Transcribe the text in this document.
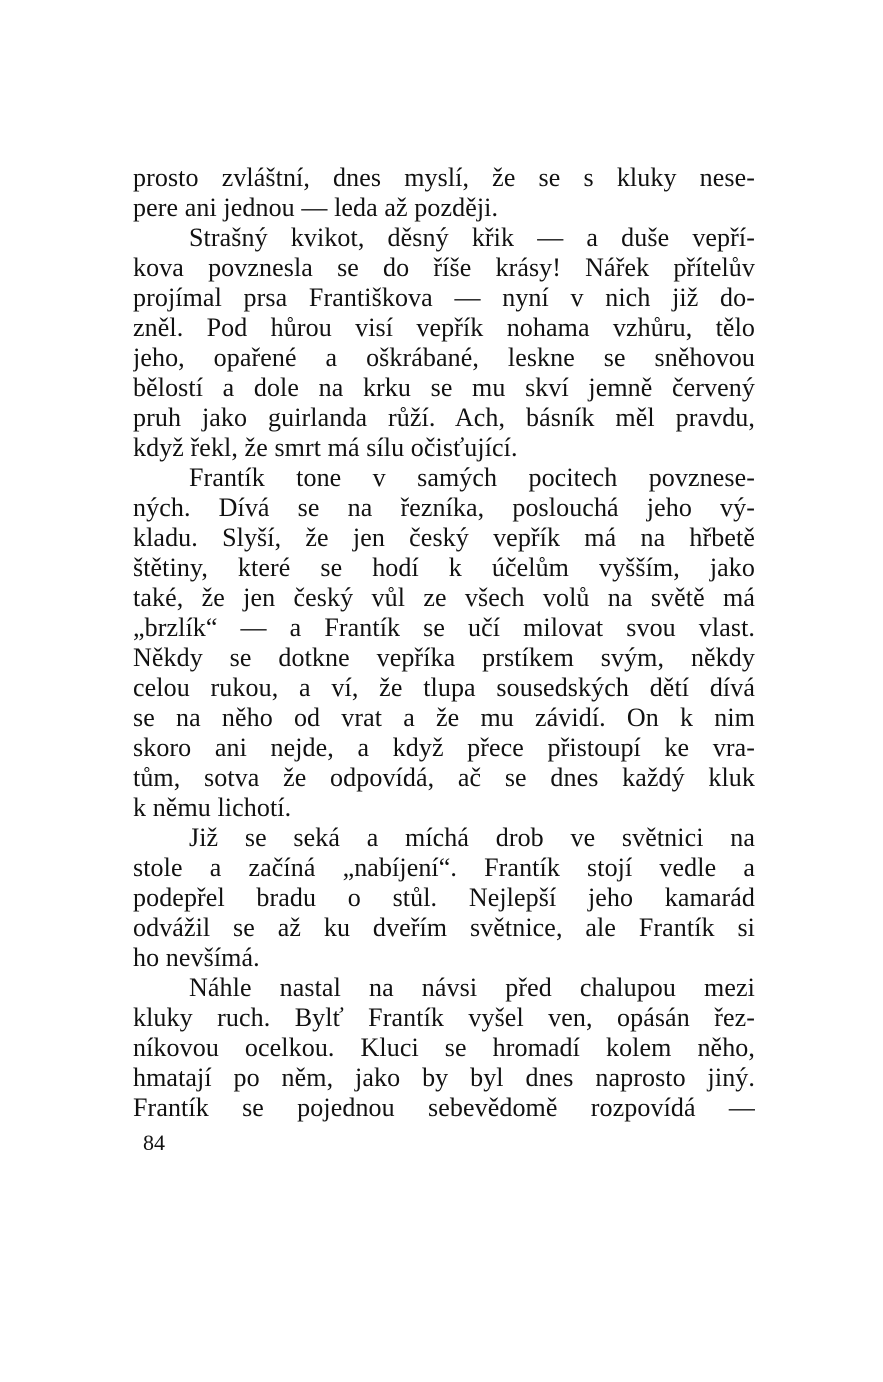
prosto zvláštní, dnes myslí, že se s kluky nese-
pere ani jednou — leda až později.
Strašný kvikot, děsný křik — a duše vepří-
kova povznesla se do říše krásy! Nářek přítelův
projímal prsa Františkova — nyní v nich již do-
zněl. Pod hůrou visí vepřík nohama vzhůru, tělo
jeho, opařené a oškrábané, leskne se sněhovou
bělostí a dole na krku se mu skví jemně červený
pruh jako guirlanda růží. Ach, básník měl pravdu,
když řekl, že smrt má sílu očisťující.
Frantík tone v samých pocitech povznese-
ných. Dívá se na řezníka, poslouchá jeho vý-
kladu. Slyší, že jen český vepřík má na hřbetě
štětiny, které se hodí k účelům vyšším, jako
také, že jen český vůl ze všech volů na světě má
„brzlík“ — a Frantík se učí milovat svou vlast.
Někdy se dotkne vepříka prstíkem svým, někdy
celou rukou, a ví, že tlupa sousedských dětí dívá
se na něho od vrat a že mu závidí. On k nim
skoro ani nejde, a když přece přistoupí ke vra-
tům, sotva že odpovídá, ač se dnes každý kluk
k němu lichotí.
Již se seká a míchá drob ve světnici na
stole a začíná „nabíjení“. Frantík stojí vedle a
podepřel bradu o stůl. Nejlepší jeho kamarád
odvážil se až ku dveřím světnice, ale Frantík si
ho nevšímá.
Náhle nastal na návsi před chalupou mezi
kluky ruch. Bylť Frantík vyšel ven, opásán řez-
níkovou ocelkou. Kluci se hromadí kolem něho,
hmatají po něm, jako by byl dnes naprosto jiný.
Frantík se pojednou sebevědomě rozpovídá —
84
